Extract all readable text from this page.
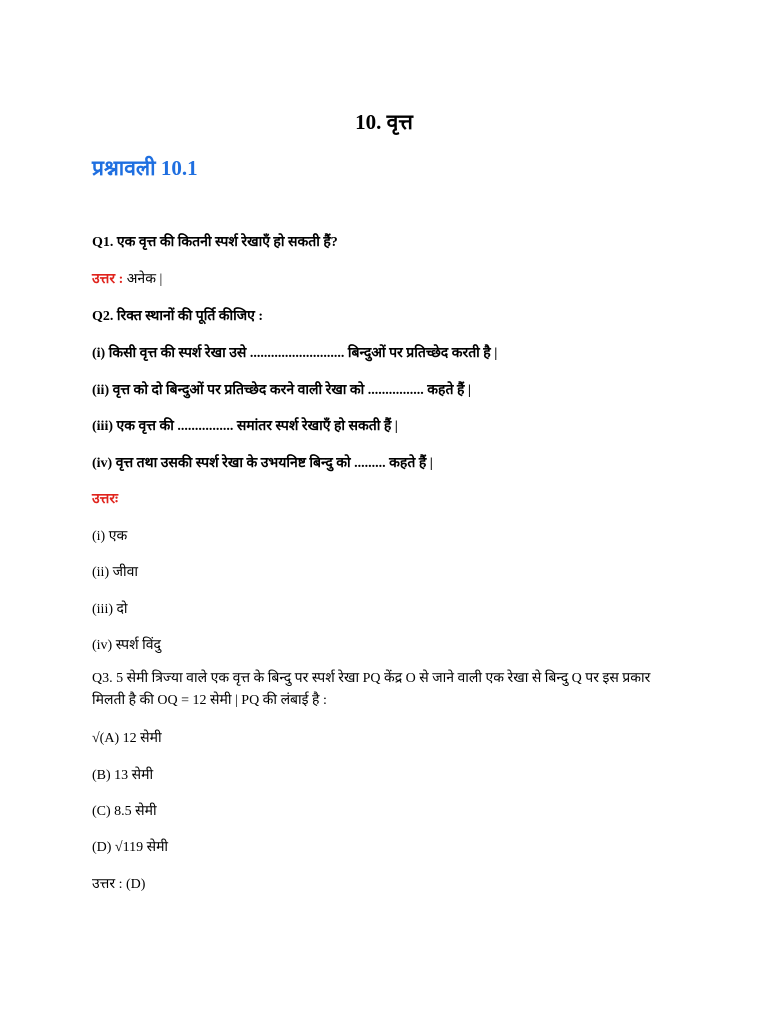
10. वृत्त
प्रश्नावली 10.1
Q1. एक वृत्त की कितनी स्पर्श रेखाएँ हो सकती हैं?
उत्तर : अनेक |
Q2. रिक्त स्थानों की पूर्ति कीजिए :
(i) किसी वृत्त की स्पर्श रेखा उसे ........................... बिन्दुओं पर प्रतिच्छेद करती है |
(ii) वृत्त को दो बिन्दुओं पर प्रतिच्छेद करने वाली रेखा को ................ कहते हैं |
(iii) एक वृत्त की ................ समांतर स्पर्श रेखाएँ हो सकती हैं |
(iv) वृत्त तथा उसकी स्पर्श रेखा के उभयनिष्ट बिन्दु को ......... कहते हैं |
उत्तरः
(i) एक
(ii) जीवा
(iii) दो
(iv) स्पर्श विंदु
Q3. 5 सेमी त्रिज्या वाले एक वृत्त के बिन्दु पर स्पर्श रेखा PQ केंद्र O से जाने वाली एक रेखा से बिन्दु Q पर इस प्रकार मिलती है की OQ = 12 सेमी | PQ की लंबाई है :
√(A) 12 सेमी
(B) 13 सेमी
(C) 8.5 सेमी
(D) √119 सेमी
उत्तर : (D)
